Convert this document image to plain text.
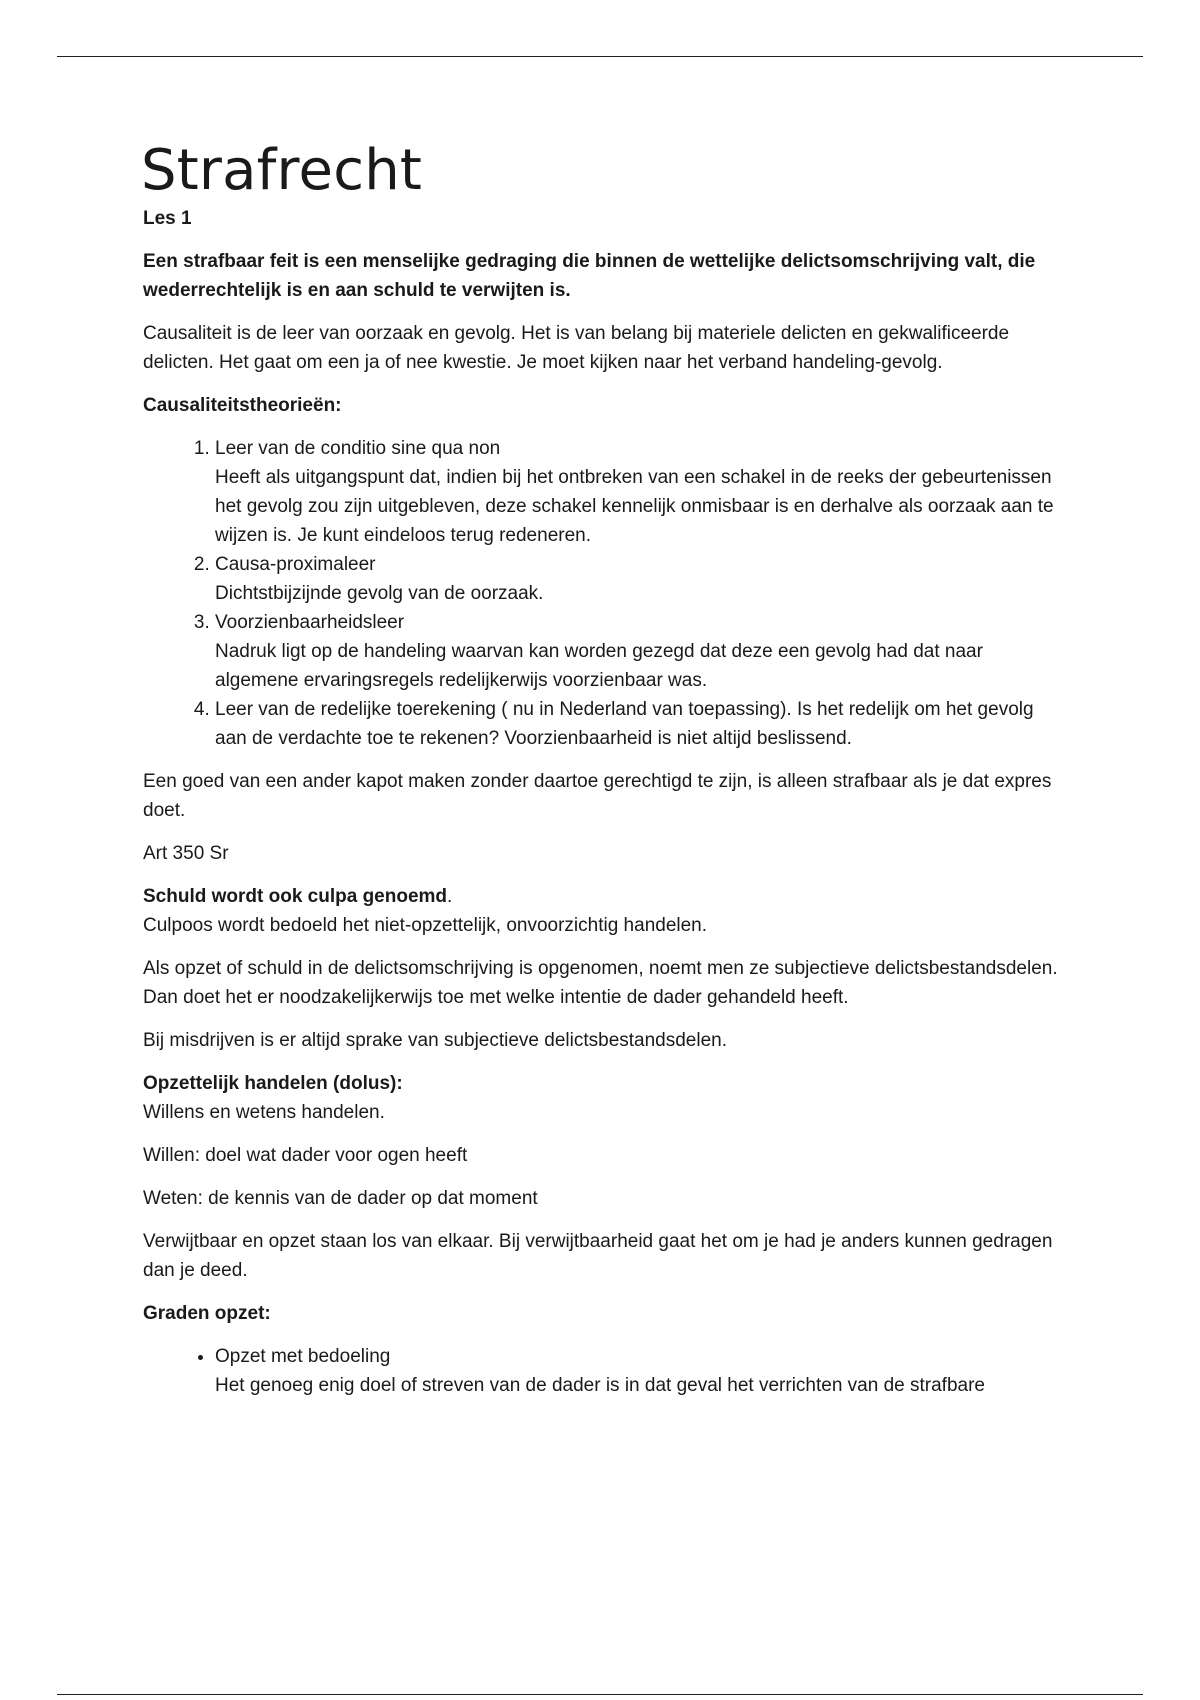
Strafrecht
Les 1

Een strafbaar feit is een menselijke gedraging die binnen de wettelijke delictsomschrijving valt, die wederrechtelijk is en aan schuld te verwijten is.

Causaliteit is de leer van oorzaak en gevolg. Het is van belang bij materiele delicten en gekwalificeerde delicten. Het gaat om een ja of nee kwestie. Je moet kijken naar het verband handeling-gevolg.

Causaliteitstheorieën:

1. Leer van de conditio sine qua non
Heeft als uitgangspunt dat, indien bij het ontbreken van een schakel in de reeks der gebeurtenissen het gevolg zou zijn uitgebleven, deze schakel kennelijk onmisbaar is en derhalve als oorzaak aan te wijzen is. Je kunt eindeloos terug redeneren.
2. Causa-proximaleer
Dichtstbijzijnde gevolg van de oorzaak.
3. Voorzienbaarheidsleer
Nadruk ligt op de handeling waarvan kan worden gezegd dat deze een gevolg had dat naar algemene ervaringsregels redelijkerwijs voorzienbaar was.
4. Leer van de redelijke toerekening ( nu in Nederland van toepassing). Is het redelijk om het gevolg aan de verdachte toe te rekenen? Voorzienbaarheid is niet altijd beslissend.

Een goed van een ander kapot maken zonder daartoe gerechtigd te zijn, is alleen strafbaar als je dat expres doet.

Art 350 Sr

Schuld wordt ook culpa genoemd.
Culpoos wordt bedoeld het niet-opzettelijk, onvoorzichtig handelen.

Als opzet of schuld in de delictsomschrijving is opgenomen, noemt men ze subjectieve delictsbestandsdelen. Dan doet het er noodzakelijkerwijs toe met welke intentie de dader gehandeld heeft.

Bij misdrijven is er altijd sprake van subjectieve delictsbestandsdelen.

Opzettelijk handelen (dolus):
Willens en wetens handelen.

Willen: doel wat dader voor ogen heeft

Weten: de kennis van de dader op dat moment

Verwijtbaar en opzet staan los van elkaar. Bij verwijtbaarheid gaat het om je had je anders kunnen gedragen dan je deed.

Graden opzet:

• Opzet met bedoeling
Het genoeg enig doel of streven van de dader is in dat geval het verrichten van de strafbare
